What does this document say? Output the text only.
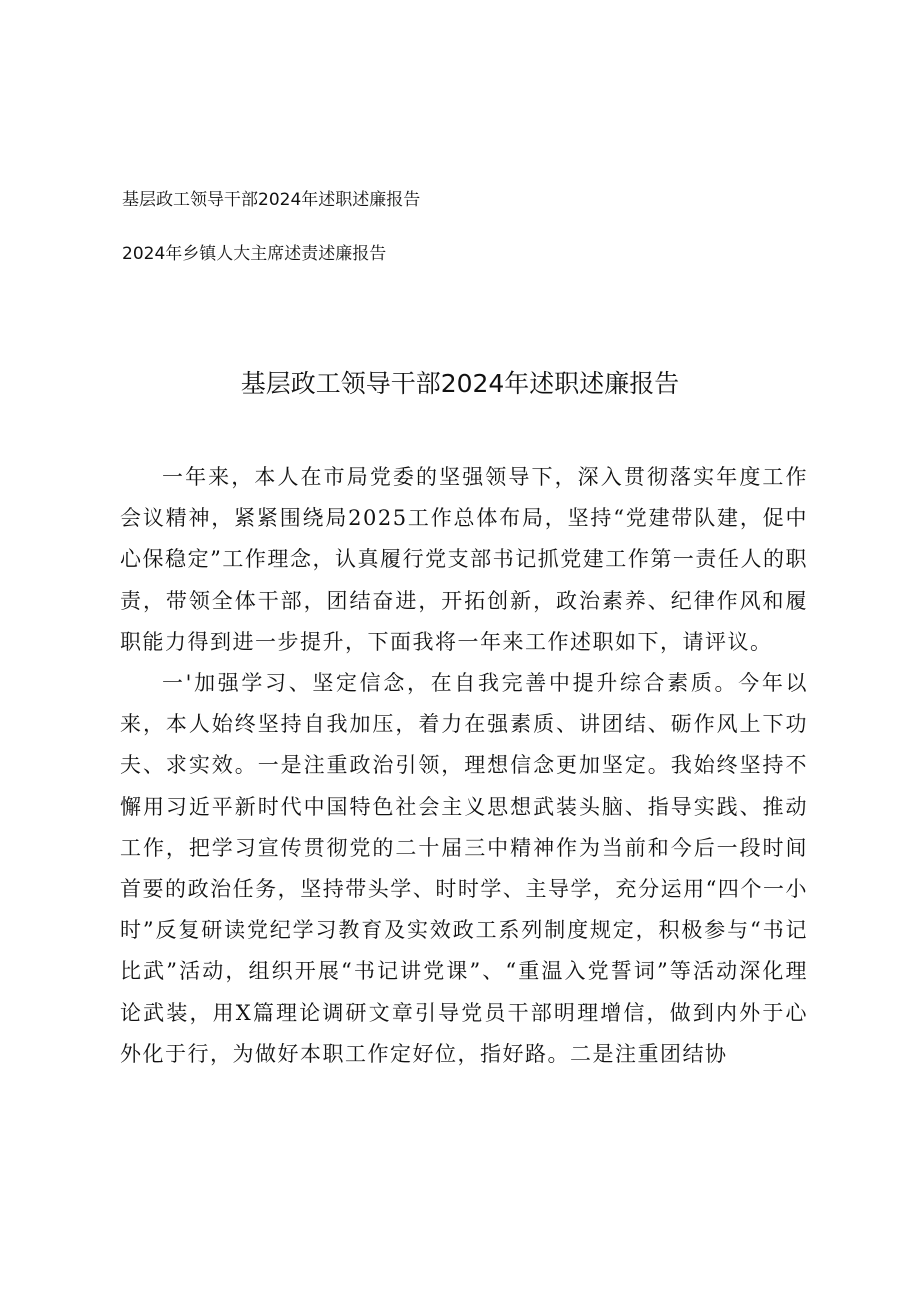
基层政工领导干部2024年述职述廉报告
2024年乡镇人大主席述责述廉报告
基层政工领导干部2024年述职述廉报告

一年来，本人在市局党委的坚强领导下，深入贯彻落实年度工作会议精神，紧紧围绕局2025工作总体布局，坚持“党建带队建，促中心保稳定”工作理念，认真履行党支部书记抓党建工作第一责任人的职责，带领全体干部，团结奋进，开拓创新，政治素养、纪律作风和履职能力得到进一步提升，下面我将一年来工作述职如下，请评议。

一'加强学习、坚定信念，在自我完善中提升综合素质。今年以来，本人始终坚持自我加压，着力在强素质、讲团结、砺作风上下功夫、求实效。一是注重政治引领，理想信念更加坚定。我始终坚持不懈用习近平新时代中国特色社会主义思想武装头脑、指导实践、推动工作，把学习宣传贯彻党的二十届三中精神作为当前和今后一段时间首要的政治任务，坚持带头学、时时学、主导学，充分运用“四个一小时”反复研读党纪学习教育及实效政工系列制度规定，积极参与“书记比武”活动，组织开展“书记讲党课”、“重温入党誓词”等活动深化理论武装，用X篇理论调研文章引导党员干部明理增信，做到内外于心外化于行，为做好本职工作定好位，指好路。二是注重团结协
